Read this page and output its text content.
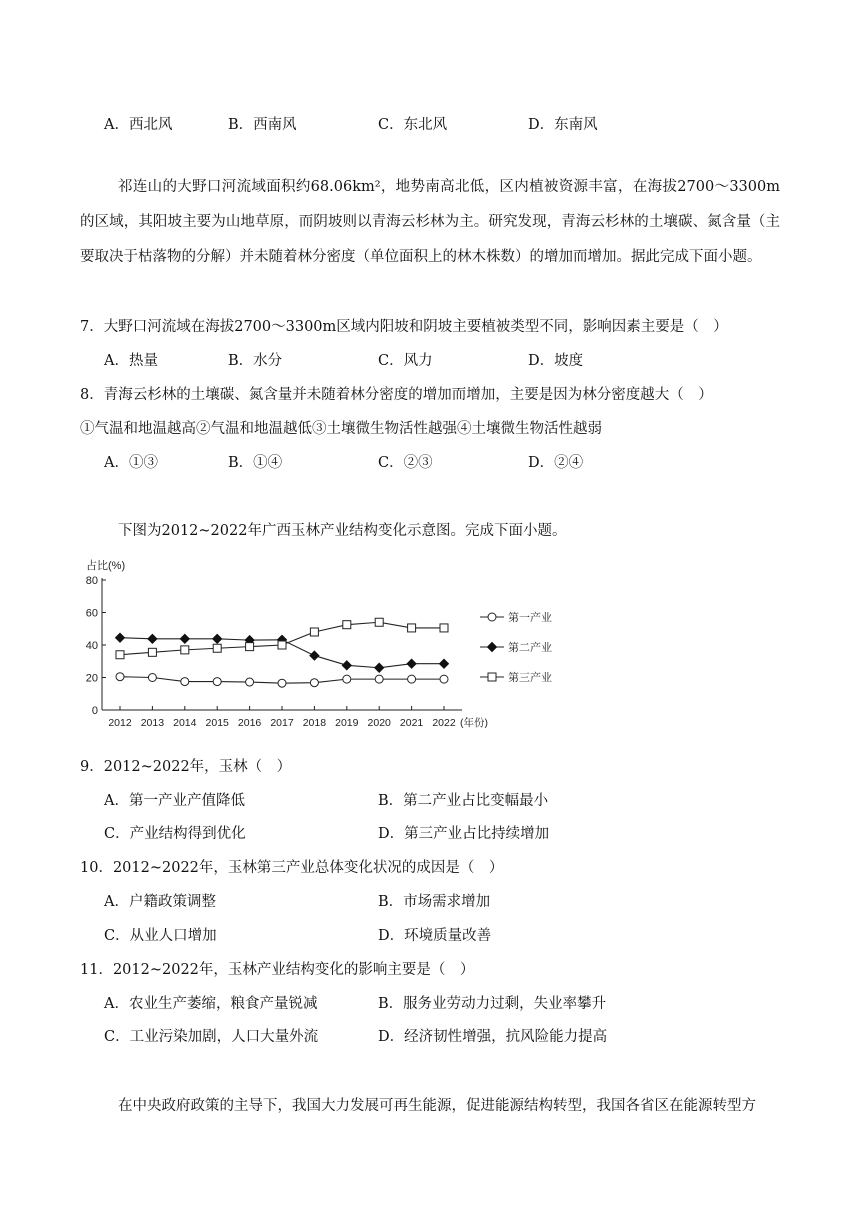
A．西北风	B．西南风	C．东北风	D．东南风
祁连山的大野口河流域面积约68.06km²，地势南高北低，区内植被资源丰富，在海拔2700～3300m的区域，其阳坡主要为山地草原，而阴坡则以青海云杉林为主。研究发现，青海云杉林的土壤碳、氮含量（主要取决于枯落物的分解）并未随着林分密度（单位面积上的林木株数）的增加而增加。据此完成下面小题。
7．大野口河流域在海拔2700～3300m区域内阳坡和阴坡主要植被类型不同，影响因素主要是（　）
A．热量	B．水分	C．风力	D．坡度
8．青海云杉林的土壤碳、氮含量并未随着林分密度的增加而增加，主要是因为林分密度越大（　）
①气温和地温越高②气温和地温越低③土壤微生物活性越强④土壤微生物活性越弱
A．①③	B．①④	C．②③	D．②④
下图为2012~2022年广西玉林产业结构变化示意图。完成下面小题。
占比(%)
0
20
40
60
80
2012 2013 2014 2015 2016 2017 2018 2019 2020 2021 2022 (年份)
第一产业
第二产业
第三产业
9．2012~2022年，玉林（　）
A．第一产业产值降低	B．第二产业占比变幅最小
C．产业结构得到优化	D．第三产业占比持续增加
10．2012~2022年，玉林第三产业总体变化状况的成因是（　）
A．户籍政策调整	B．市场需求增加
C．从业人口增加	D．环境质量改善
11．2012~2022年，玉林产业结构变化的影响主要是（　）
A．农业生产萎缩，粮食产量锐减	B．服务业劳动力过剩，失业率攀升
C．工业污染加剧，人口大量外流	D．经济韧性增强，抗风险能力提高
在中央政府政策的主导下，我国大力发展可再生能源，促进能源结构转型，我国各省区在能源转型方
